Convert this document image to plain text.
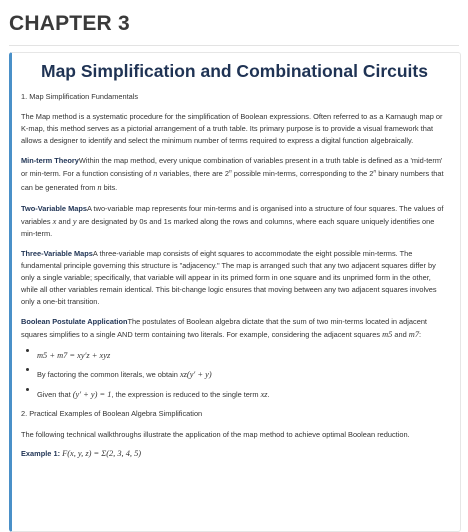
CHAPTER 3
Map Simplification and Combinational Circuits
1. Map Simplification Fundamentals

The Map method is a systematic procedure for the simplification of Boolean expressions. Often referred to as a Karnaugh map or K-map, this method serves as a pictorial arrangement of a truth table. Its primary purpose is to provide a visual framework that allows a designer to identify and select the minimum number of terms required to express a digital function algebraically.

Min-term TheoryWithin the map method, every unique combination of variables present in a truth table is defined as a 'mid-term' or min-term. For a function consisting of n variables, there are 2$^n$ possible min-terms, corresponding to the 2$^n$ binary numbers that can be generated from n bits.

Two-Variable MapsA two-variable map represents four min-terms and is organised into a structure of four squares. The values of variables x and y are designated by 0s and 1s marked along the rows and columns, where each square uniquely identifies one min-term.

Three-Variable MapsA three-variable map consists of eight squares to accommodate the eight possible min-terms. The fundamental principle governing this structure is "adjacency." The map is arranged such that any two adjacent squares differ by only a single variable; specifically, that variable will appear in its primed form in one square and its unprimed form in the other, while all other variables remain identical. This bit-change logic ensures that moving between any two adjacent squares involves only a one-bit transition.

Boolean Postulate ApplicationThe postulates of Boolean algebra dictate that the sum of two min-terms located in adjacent squares simplifies to a single AND term containing two literals. For example, considering the adjacent squares m5 and m7:

m5 + m7 = xy′z + xyz
By factoring the common literals, we obtain xz(y′ + y)
Given that (y′ + y) = 1, the expression is reduced to the single term xz.
2. Practical Examples of Boolean Algebra Simplification

The following technical walkthroughs illustrate the application of the map method to achieve optimal Boolean reduction.

Example 1: F(x, y, z) = Σ(2, 3, 4, 5)
